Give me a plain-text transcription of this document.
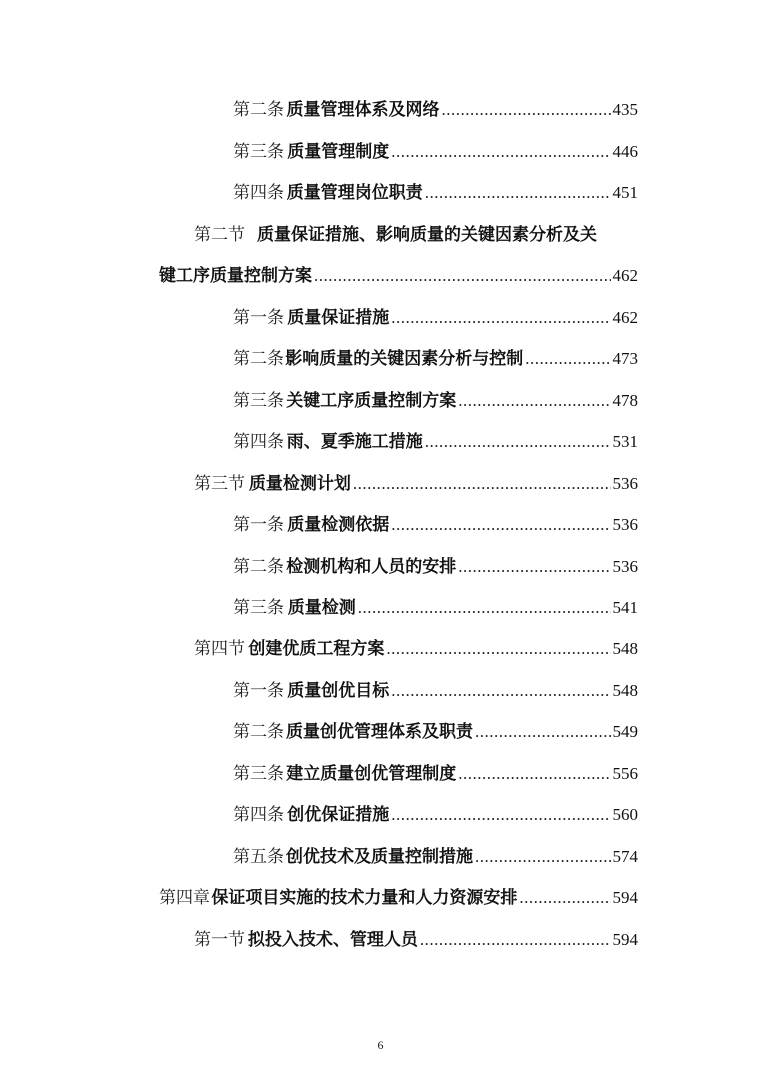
第二条 质量管理体系及网络 .....	435
第三条 质量管理制度 .....	446
第四条 质量管理岗位职责 .....	451
第二节 质量保证措施、影响质量的关键因素分析及关
键工序质量控制方案 .....	462
第一条 质量保证措施 .....	462
第二条 影响质量的关键因素分析与控制 .....	473
第三条 关键工序质量控制方案 .....	478
第四条 雨、夏季施工措施 .....	531
第三节 质量检测计划 .....	536
第一条 质量检测依据 .....	536
第二条 检测机构和人员的安排 .....	536
第三条 质量检测 .....	541
第四节 创建优质工程方案 .....	548
第一条 质量创优目标 .....	548
第二条 质量创优管理体系及职责 .....	549
第三条 建立质量创优管理制度 .....	556
第四条 创优保证措施 .....	560
第五条 创优技术及质量控制措施 .....	574
第四章 保证项目实施的技术力量和人力资源安排 .....	594
第一节 拟投入技术、管理人员 .....	594
6
